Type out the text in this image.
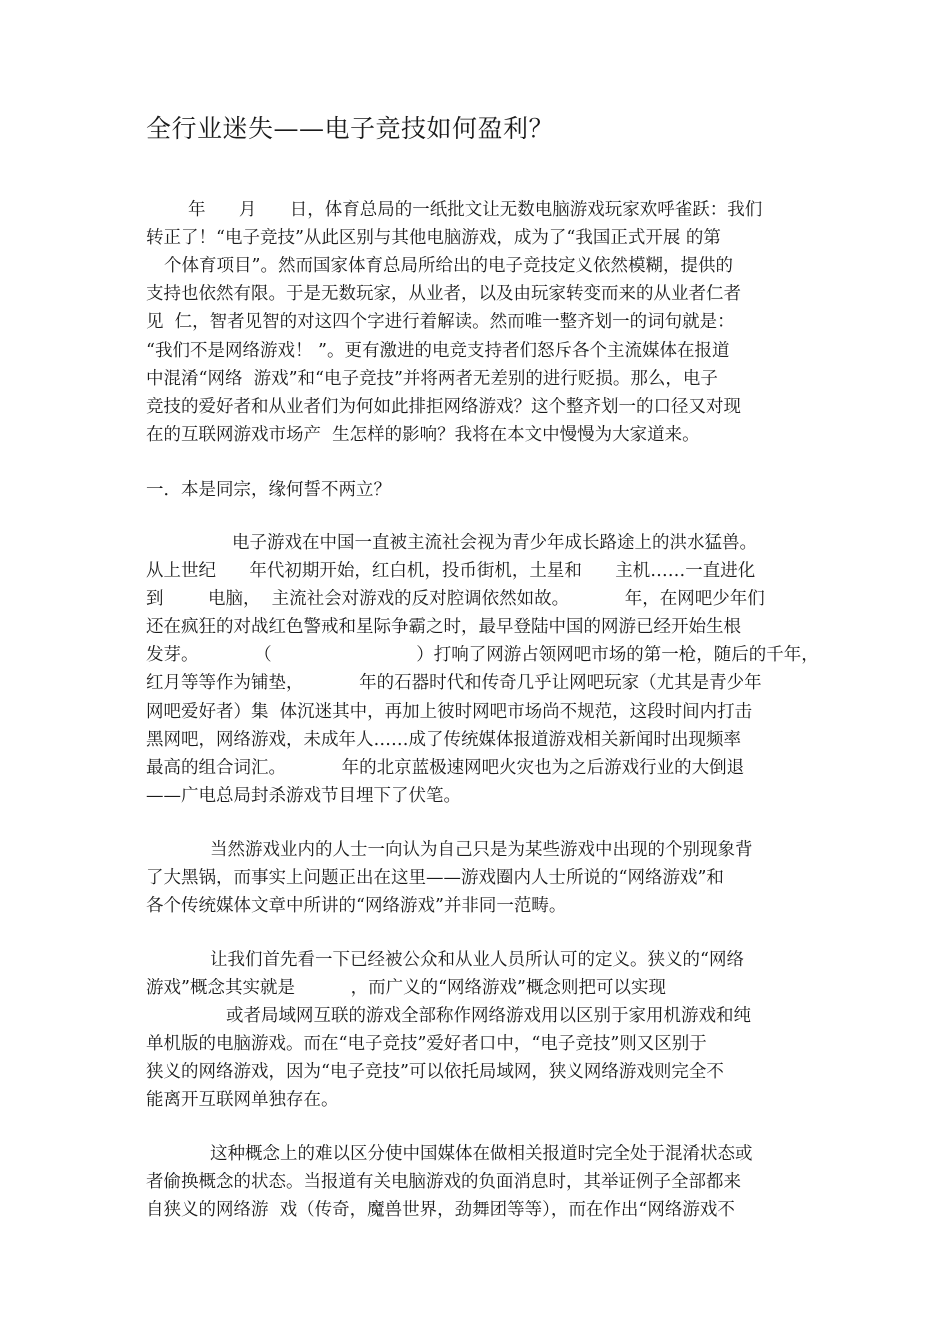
全行业迷失——电子竞技如何盈利？
年      月      日，体育总局的一纸批文让无数电脑游戏玩家欢呼雀跃：我们
转正了！“电子竞技”从此区别与其他电脑游戏，成为了“我国正式开展 的第
个体育项目”。然而国家体育总局所给出的电子竞技定义依然模糊，提供的
支持也依然有限。于是无数玩家，从业者，以及由玩家转变而来的从业者仁者
见  仁，智者见智的对这四个字进行着解读。然而唯一整齐划一的词句就是：
“我们不是网络游戏！ ”。更有激进的电竞支持者们怒斥各个主流媒体在报道
中混淆“网络  游戏”和“电子竞技”并将两者无差别的进行贬损。那么，电子
竞技的爱好者和从业者们为何如此排拒网络游戏？这个整齐划一的口径又对现
在的互联网游戏市场产  生怎样的影响？我将在本文中慢慢为大家道来。
一．本是同宗，缘何誓不两立？
电子游戏在中国一直被主流社会视为青少年成长路途上的洪水猛兽。
从上世纪      年代初期开始，红白机，投币街机，土星和      主机……一直进化
到        电脑，  主流社会对游戏的反对腔调依然如故。          年，在网吧少年们
还在疯狂的对战红色警戒和星际争霸之时，最早登陆中国的网游已经开始生根
发芽。          （                          ）打响了网游占领网吧市场的第一枪，随后的千年，
红月等等作为铺垫，          年的石器时代和传奇几乎让网吧玩家（尤其是青少年
网吧爱好者）集  体沉迷其中，再加上彼时网吧市场尚不规范，这段时间内打击
黑网吧，网络游戏，未成年人……成了传统媒体报道游戏相关新闻时出现频率
最高的组合词汇。          年的北京蓝极速网吧火灾也为之后游戏行业的大倒退
——广电总局封杀游戏节目埋下了伏笔。
当然游戏业内的人士一向认为自己只是为某些游戏中出现的个别现象背
了大黑锅，而事实上问题正出在这里——游戏圈内人士所说的“网络游戏”和
各个传统媒体文章中所讲的“网络游戏”并非同一范畴。
让我们首先看一下已经被公众和从业人员所认可的定义。狭义的“网络
游戏”概念其实就是          ，而广义的“网络游戏”概念则把可以实现
或者局域网互联的游戏全部称作网络游戏用以区别于家用机游戏和纯
单机版的电脑游戏。而在“电子竞技”爱好者口中，“电子竞技”则又区别于
狭义的网络游戏，因为“电子竞技”可以依托局域网，狭义网络游戏则完全不
能离开互联网单独存在。
这种概念上的难以区分使中国媒体在做相关报道时完全处于混淆状态或
者偷换概念的状态。当报道有关电脑游戏的负面消息时，其举证例子全部都来
自狭义的网络游  戏（传奇，魔兽世界，劲舞团等等），而在作出“网络游戏不
